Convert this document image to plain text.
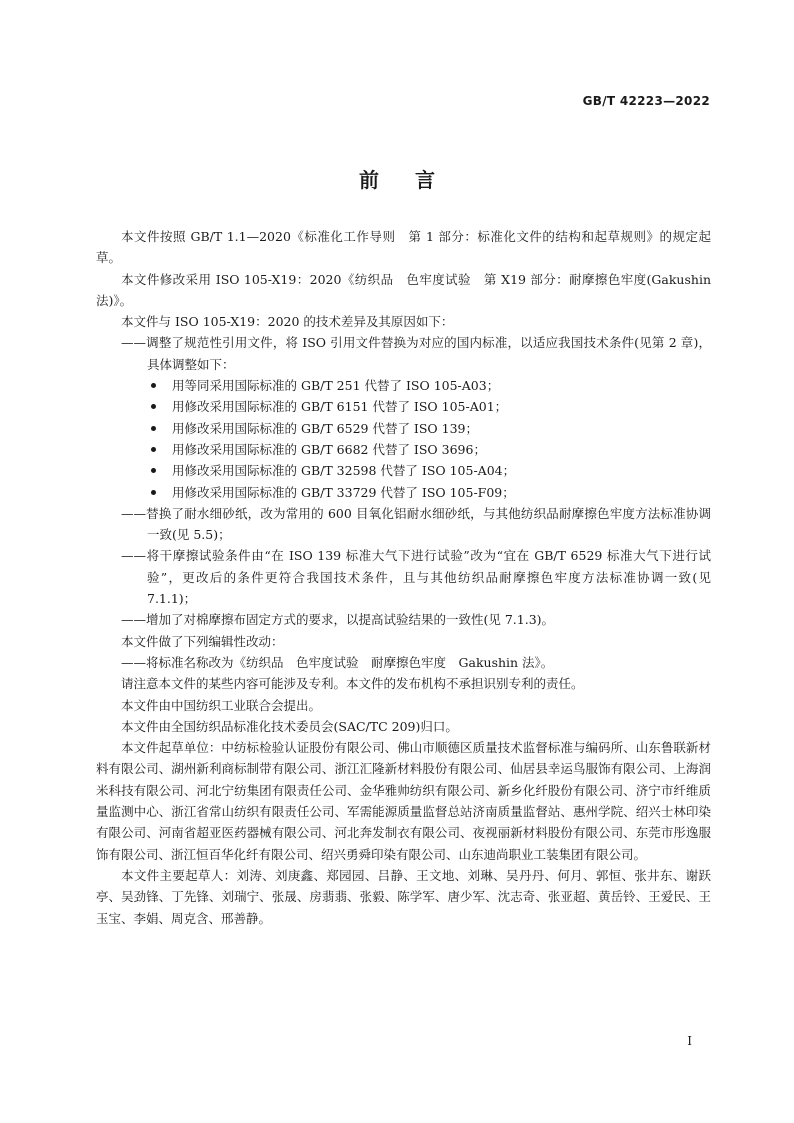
GB/T 42223—2022
前言

本文件按照 GB/T 1.1—2020《标准化工作导则　第 1 部分：标准化文件的结构和起草规则》的规定起草。

本文件修改采用 ISO 105-X19：2020《纺织品　色牢度试验　第 X19 部分：耐摩擦色牢度(Gakushin 法)》。

本文件与 ISO 105-X19：2020 的技术差异及其原因如下：

——调整了规范性引用文件，将 ISO 引用文件替换为对应的国内标准，以适应我国技术条件(见第 2 章)，具体调整如下：

用等同采用国际标准的 GB/T 251 代替了 ISO 105-A03；

用修改采用国际标准的 GB/T 6151 代替了 ISO 105-A01；

用修改采用国际标准的 GB/T 6529 代替了 ISO 139；

用修改采用国际标准的 GB/T 6682 代替了 ISO 3696；

用修改采用国际标准的 GB/T 32598 代替了 ISO 105-A04；

用修改采用国际标准的 GB/T 33729 代替了 ISO 105-F09；

——替换了耐水细砂纸，改为常用的 600 目氧化铝耐水细砂纸，与其他纺织品耐摩擦色牢度方法标准协调一致(见 5.5)；

——将干摩擦试验条件由“在 ISO 139 标准大气下进行试验”改为“宜在 GB/T 6529 标准大气下进行试验”，更改后的条件更符合我国技术条件，且与其他纺织品耐摩擦色牢度方法标准协调一致(见 7.1.1)；

——增加了对棉摩擦布固定方式的要求，以提高试验结果的一致性(见 7.1.3)。

本文件做了下列编辑性改动：

——将标准名称改为《纺织品　色牢度试验　耐摩擦色牢度　Gakushin 法》。

请注意本文件的某些内容可能涉及专利。本文件的发布机构不承担识别专利的责任。

本文件由中国纺织工业联合会提出。

本文件由全国纺织品标准化技术委员会(SAC/TC 209)归口。

本文件起草单位：中纺标检验认证股份有限公司、佛山市顺德区质量技术监督标准与编码所、山东鲁联新材料有限公司、湖州新利商标制带有限公司、浙江汇隆新材料股份有限公司、仙居县幸运鸟服饰有限公司、上海润米科技有限公司、河北宁纺集团有限责任公司、金华雅帅纺织有限公司、新乡化纤股份有限公司、济宁市纤维质量监测中心、浙江省常山纺织有限责任公司、军需能源质量监督总站济南质量监督站、惠州学院、绍兴士林印染有限公司、河南省超亚医药器械有限公司、河北奔发制衣有限公司、夜视丽新材料股份有限公司、东莞市彤逸服饰有限公司、浙江恒百华化纤有限公司、绍兴勇舜印染有限公司、山东迪尚职业工装集团有限公司。

本文件主要起草人：刘涛、刘庚鑫、郑园园、吕静、王文地、刘琳、吴丹丹、何月、郭恒、张井东、谢跃亭、吴劲锋、丁先锋、刘瑞宁、张晟、房翡翡、张毅、陈学军、唐少军、沈志奇、张亚超、黄岳铃、王爱民、王玉宝、李娟、周克含、邢善静。

I
